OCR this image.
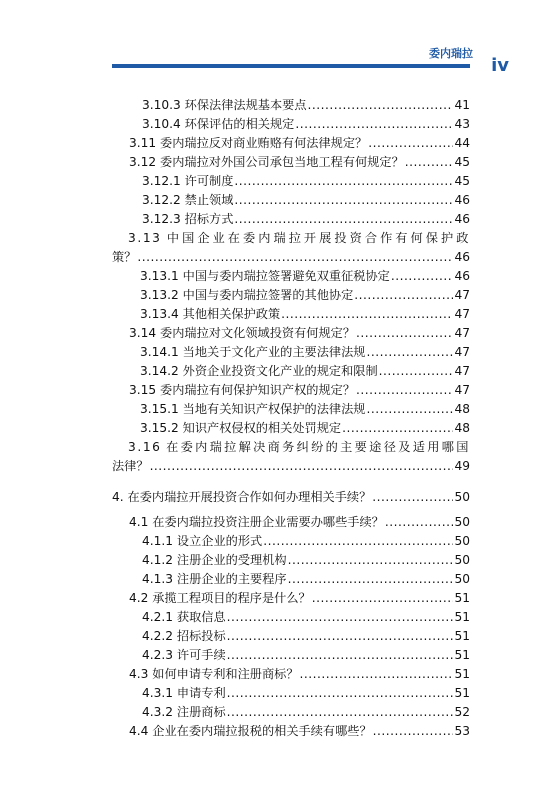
委内瑞拉
iv
3.10.3 环保法律法规基本要点 .....	41
3.10.4 环保评估的相关规定 .....	43
3.11 委内瑞拉反对商业贿赂有何法律规定？ .....	44
3.12 委内瑞拉对外国公司承包当地工程有何规定？ .....	45
3.12.1 许可制度 .....	45
3.12.2 禁止领域 .....	46
3.12.3 招标方式 .....	46
3.13 中国企业在委内瑞拉开展投资合作有何保护政
策？ .....	46
3.13.1 中国与委内瑞拉签署避免双重征税协定 .....	46
3.13.2 中国与委内瑞拉签署的其他协定 .....	47
3.13.4 其他相关保护政策 .....	47
3.14 委内瑞拉对文化领域投资有何规定？ .....	47
3.14.1 当地关于文化产业的主要法律法规 .....	47
3.14.2 外资企业投资文化产业的规定和限制 .....	47
3.15 委内瑞拉有何保护知识产权的规定？ .....	47
3.15.1 当地有关知识产权保护的法律法规 .....	48
3.15.2 知识产权侵权的相关处罚规定 .....	48
3.16 在委内瑞拉解决商务纠纷的主要途径及适用哪国
法律？ .....	49
4. 在委内瑞拉开展投资合作如何办理相关手续？ .....	50
4.1 在委内瑞拉投资注册企业需要办哪些手续？ .....	50
4.1.1 设立企业的形式 .....	50
4.1.2 注册企业的受理机构 .....	50
4.1.3 注册企业的主要程序 .....	50
4.2 承揽工程项目的程序是什么？ .....	51
4.2.1 获取信息 .....	51
4.2.2 招标投标 .....	51
4.2.3 许可手续 .....	51
4.3 如何申请专利和注册商标？ .....	51
4.3.1 申请专利 .....	51
4.3.2 注册商标 .....	52
4.4 企业在委内瑞拉报税的相关手续有哪些？ .....	53
